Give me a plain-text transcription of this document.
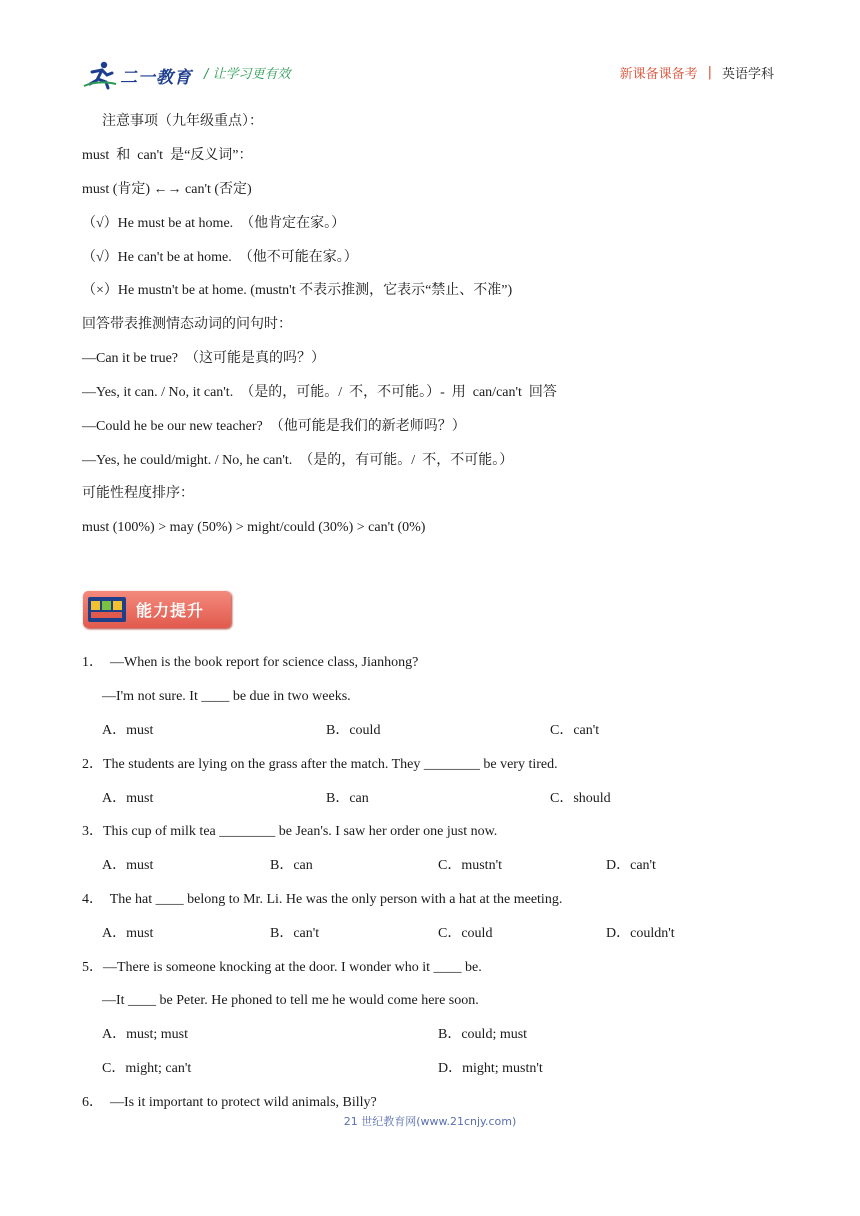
二一教育 / 让学习更有效	新课备课备考 | 英语学科
注意事项（九年级重点）：
must  和  can't  是“反义词”：
must (肯定) ←→ can't (否定)
（√）He must be at home.  （他肯定在家。）
（√）He can't be at home.  （他不可能在家。）
（×）He mustn't be at home. (mustn't 不表示推测，它表示“禁止、不准”)
回答带表推测情态动词的问句时：
—Can it be true?  （这可能是真的吗？）
—Yes, it can. / No, it can't.  （是的，可能。/  不，不可能。）-  用  can/can't  回答
—Could he be our new teacher?  （他可能是我们的新老师吗？）
—Yes, he could/might. / No, he can't.  （是的，有可能。/  不，不可能。）
可能性程度排序：
must (100%) > may (50%) > might/could (30%) > can't (0%)
能力提升
1．  —When is the book report for science class, Jianhong?
—I'm not sure. It ____ be due in two weeks.
A．must	B．could	C．can't
2．The students are lying on the grass after the match. They ________ be very tired.
A．must	B．can	C．should
3．This cup of milk tea ________ be Jean's. I saw her order one just now.
A．must	B．can	C．mustn't	D．can't
4．  The hat ____ belong to Mr. Li. He was the only person with a hat at the meeting.
A．must	B．can't	C．could	D．couldn't
5．—There is someone knocking at the door. I wonder who it ____ be.
—It ____ be Peter. He phoned to tell me he would come here soon.
A．must; must	B．could; must
C．might; can't	D．might; mustn't
6．  —Is it important to protect wild animals, Billy?
21 世纪教育网(www.21cnjy.com)
